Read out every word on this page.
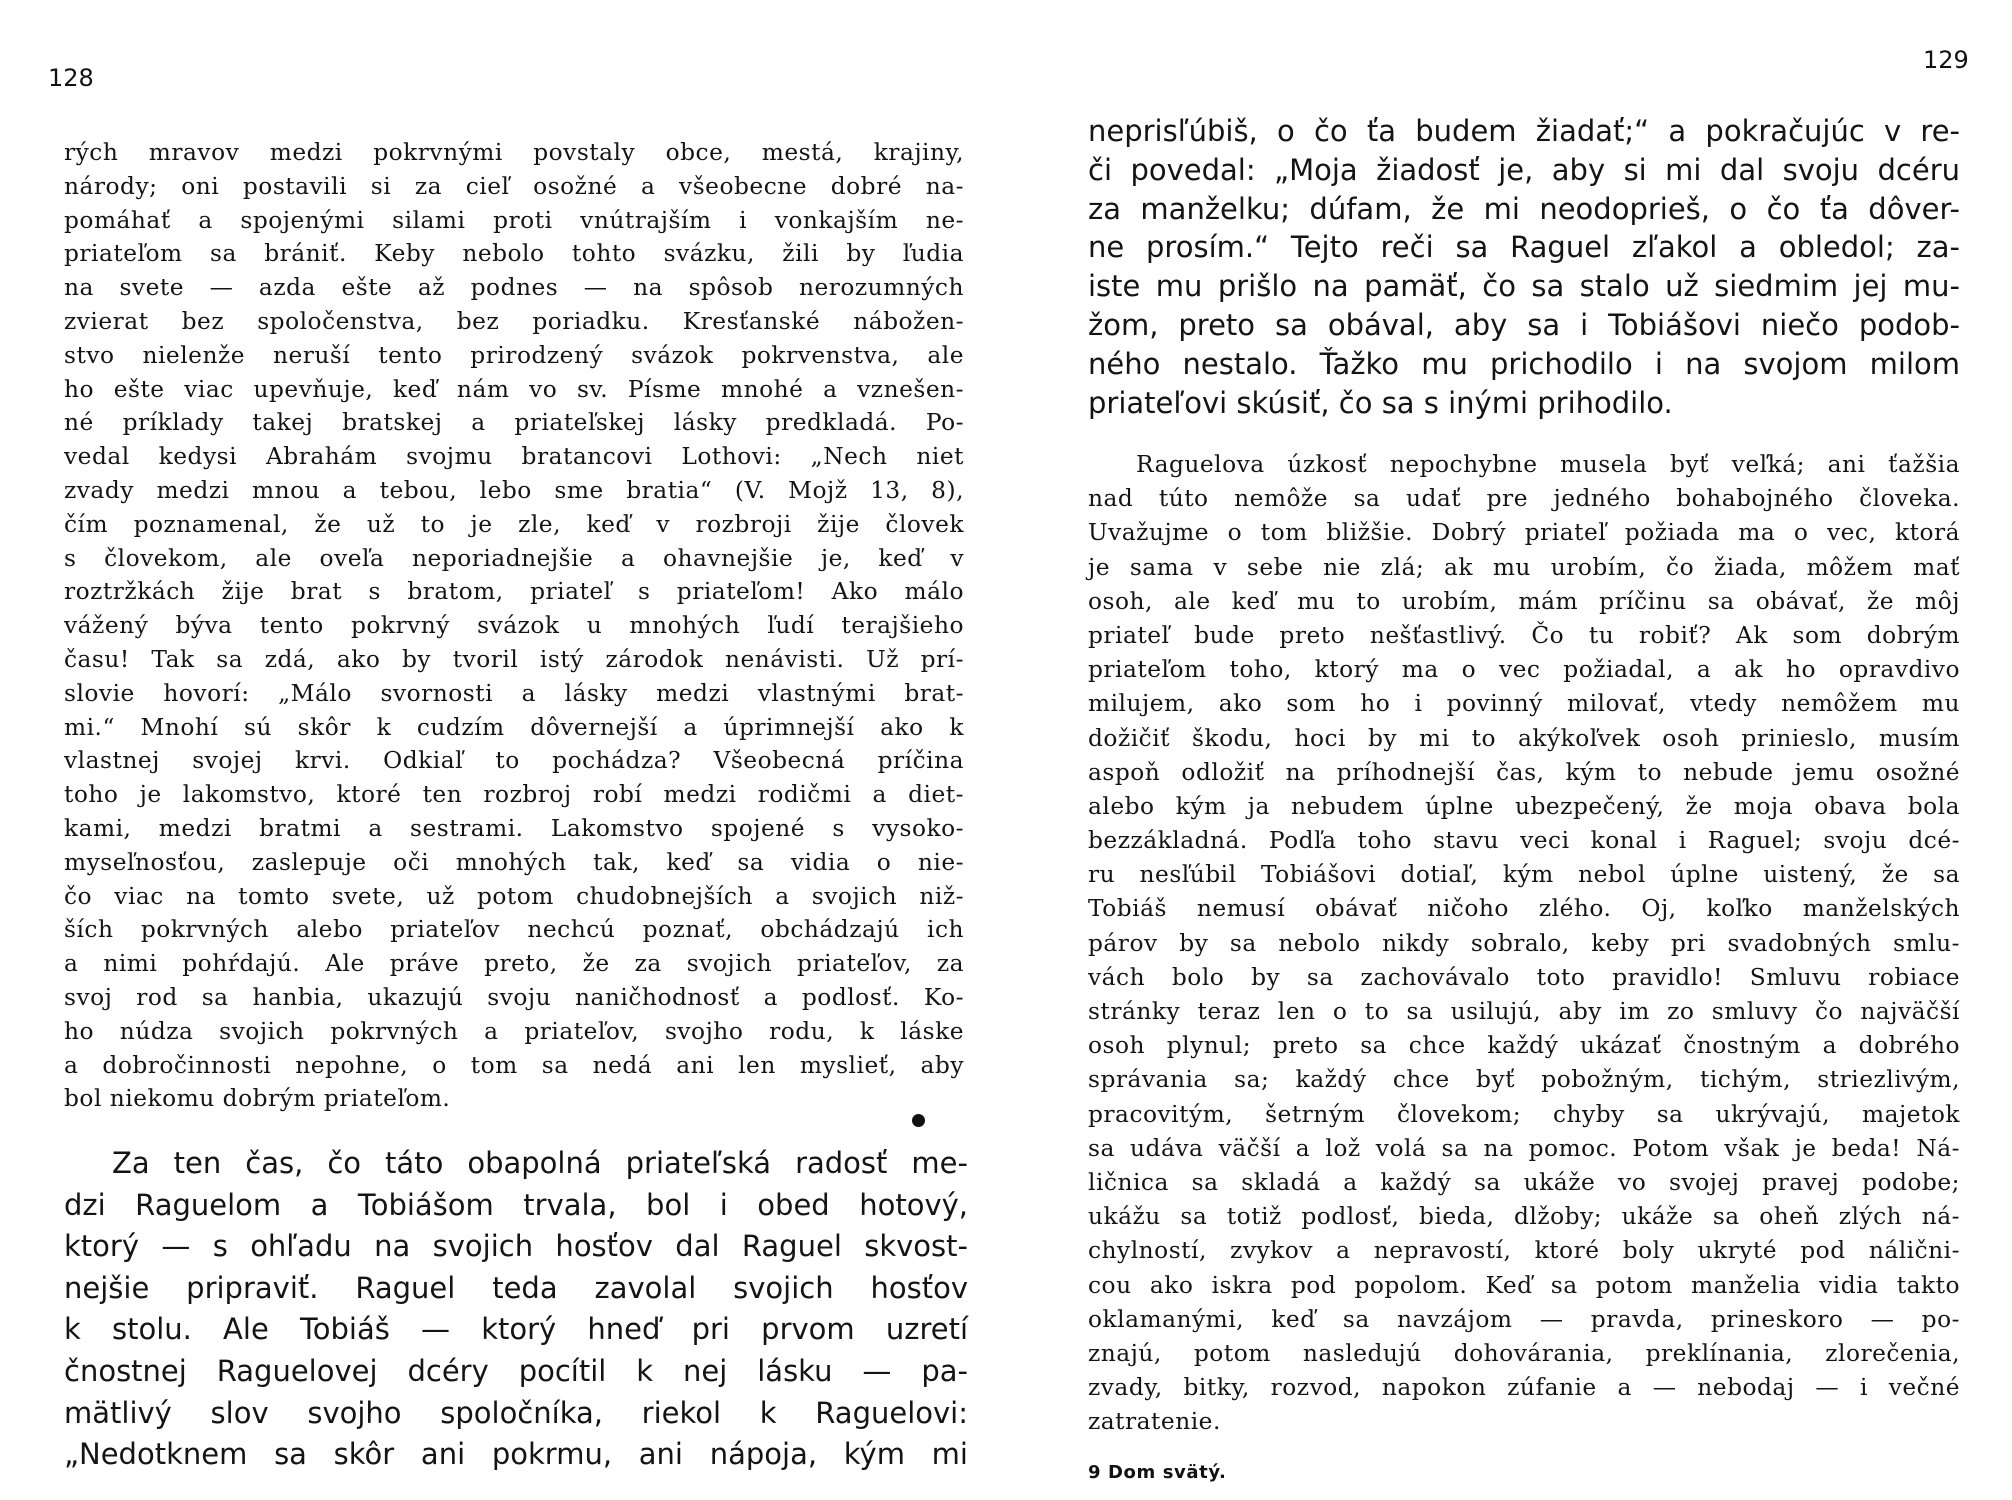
128
rých mravov medzi pokrvnými povstaly obce, mestá, krajiny,
národy; oni postavili si za cieľ osožné a všeobecne dobré na-
pomáhať a spojenými silami proti vnútrajším i vonkajším ne-
priateľom sa brániť. Keby nebolo tohto svázku, žili by ľudia
na svete — azda ešte až podnes — na spôsob nerozumných
zvierat bez spoločenstva, bez poriadku. Kresťanské nábožen-
stvo nielenže neruší tento prirodzený svázok pokrvenstva, ale
ho ešte viac upevňuje, keď nám vo sv. Písme mnohé a vznešen-
né príklady takej bratskej a priateľskej lásky predkladá. Po-
vedal kedysi Abrahám svojmu bratancovi Lothovi: „Nech niet
zvady medzi mnou a tebou, lebo sme bratia“ (V. Mojž 13, 8),
čím poznamenal, že už to je zle, keď v rozbroji žije človek
s človekom, ale oveľa neporiadnejšie a ohavnejšie je, keď v
roztržkách žije brat s bratom, priateľ s priateľom! Ako málo
vážený býva tento pokrvný svázok u mnohých ľudí terajšieho
času! Tak sa zdá, ako by tvoril istý zárodok nenávisti. Už prí-
slovie hovorí: „Málo svornosti a lásky medzi vlastnými brat-
mi.“ Mnohí sú skôr k cudzím dôvernejší a úprimnejší ako k
vlastnej svojej krvi. Odkiaľ to pochádza? Všeobecná príčina
toho je lakomstvo, ktoré ten rozbroj robí medzi rodičmi a diet-
kami, medzi bratmi a sestrami. Lakomstvo spojené s vysoko-
myseľnosťou, zaslepuje oči mnohých tak, keď sa vidia o nie-
čo viac na tomto svete, už potom chudobnejších a svojich niž-
ších pokrvných alebo priateľov nechcú poznať, obchádzajú ich
a nimi pohŕdajú. Ale práve preto, že za svojich priateľov, za
svoj rod sa hanbia, ukazujú svoju naničhodnosť a podlosť. Ko-
ho núdza svojich pokrvných a priateľov, svojho rodu, k láske
a dobročinnosti nepohne, o tom sa nedá ani len myslieť, aby
bol niekomu dobrým priateľom.
Za ten čas, čo táto obapolná priateľská radosť me-
dzi Raguelom a Tobiášom trvala, bol i obed hotový,
ktorý — s ohľadu na svojich hosťov dal Raguel skvost-
nejšie pripraviť. Raguel teda zavolal svojich hosťov
k stolu. Ale Tobiáš — ktorý hneď pri prvom uzretí
čnostnej Raguelovej dcéry pocítil k nej lásku — pa-
mätlivý slov svojho spoločníka, riekol k Raguelovi:
„Nedotknem sa skôr ani pokrmu, ani nápoja, kým mi
129
neprisľúbiš, o čo ťa budem žiadať;“ a pokračujúc v re-
či povedal: „Moja žiadosť je, aby si mi dal svoju dcéru
za manželku; dúfam, že mi neodoprieš, o čo ťa dôver-
ne prosím.“ Tejto reči sa Raguel zľakol a obledol; za-
iste mu prišlo na pamäť, čo sa stalo už siedmim jej mu-
žom, preto sa obával, aby sa i Tobiášovi niečo podob-
ného nestalo. Ťažko mu prichodilo i na svojom milom
priateľovi skúsiť, čo sa s inými prihodilo.
Raguelova úzkosť nepochybne musela byť veľká; ani ťažšia
nad túto nemôže sa udať pre jedného bohabojného človeka.
Uvažujme o tom bližšie. Dobrý priateľ požiada ma o vec, ktorá
je sama v sebe nie zlá; ak mu urobím, čo žiada, môžem mať
osoh, ale keď mu to urobím, mám príčinu sa obávať, že môj
priateľ bude preto nešťastlivý. Čo tu robiť? Ak som dobrým
priateľom toho, ktorý ma o vec požiadal, a ak ho opravdivo
milujem, ako som ho i povinný milovať, vtedy nemôžem mu
dožičiť škodu, hoci by mi to akýkoľvek osoh prinieslo, musím
aspoň odložiť na príhodnejší čas, kým to nebude jemu osožné
alebo kým ja nebudem úplne ubezpečený, že moja obava bola
bezzákladná. Podľa toho stavu veci konal i Raguel; svoju dcé-
ru nesľúbil Tobiášovi dotiaľ, kým nebol úplne uistený, že sa
Tobiáš nemusí obávať ničoho zlého. Oj, koľko manželských
párov by sa nebolo nikdy sobralo, keby pri svadobných smlu-
vách bolo by sa zachovávalo toto pravidlo! Smluvu robiace
stránky teraz len o to sa usilujú, aby im zo smluvy čo najväčší
osoh plynul; preto sa chce každý ukázať čnostným a dobrého
správania sa; každý chce byť pobožným, tichým, striezlivým,
pracovitým, šetrným človekom; chyby sa ukrývajú, majetok
sa udáva väčší a lož volá sa na pomoc. Potom však je beda! Ná-
ličnica sa skladá a každý sa ukáže vo svojej pravej podobe;
ukážu sa totiž podlosť, bieda, dlžoby; ukáže sa oheň zlých ná-
chylností, zvykov a nepravostí, ktoré boly ukryté pod náličnі-
cou ako iskra pod popolom. Keď sa potom manželia vidia takto
oklamanými, keď sa navzájom — pravda, prineskoro — po-
znajú, potom nasledujú dohovárania, preklínania, zlorečenia,
zvady, bitky, rozvod, napokon zúfanie a — nebodaj — i večné
zatratenie.
9 Dom svätý.
